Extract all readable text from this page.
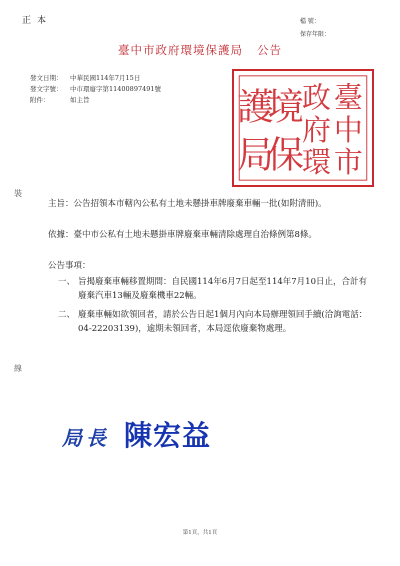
正本	檔 號：
保存年限：
臺中市政府環境保護局 公告
發文日期： 中華民國114年7月15日
發文字號： 中市環廢字第11400897491號
附件：	如主旨	臺
中
市
政
府
環
境
保
護
局
裝
主旨：公告招領本市轄內公私有土地未懸掛車牌廢棄車輛一批(如附清冊)。
依據：臺中市公私有土地未懸掛車牌廢棄車輛清除處理自治條例第8條。
公告事項：
一、 旨揭廢棄車輛移置期間：自民國114年6月7日起至114年7月10日止，合計有廢棄汽車13輛及廢棄機車22輛。
二、 廢棄車輛如欲領回者，請於公告日起1個月內向本局辦理領回手續(洽詢電話：04-22203139)，逾期未領回者，本局逕依廢棄物處理。
線
局長 陳宏益
第1頁，共1頁
